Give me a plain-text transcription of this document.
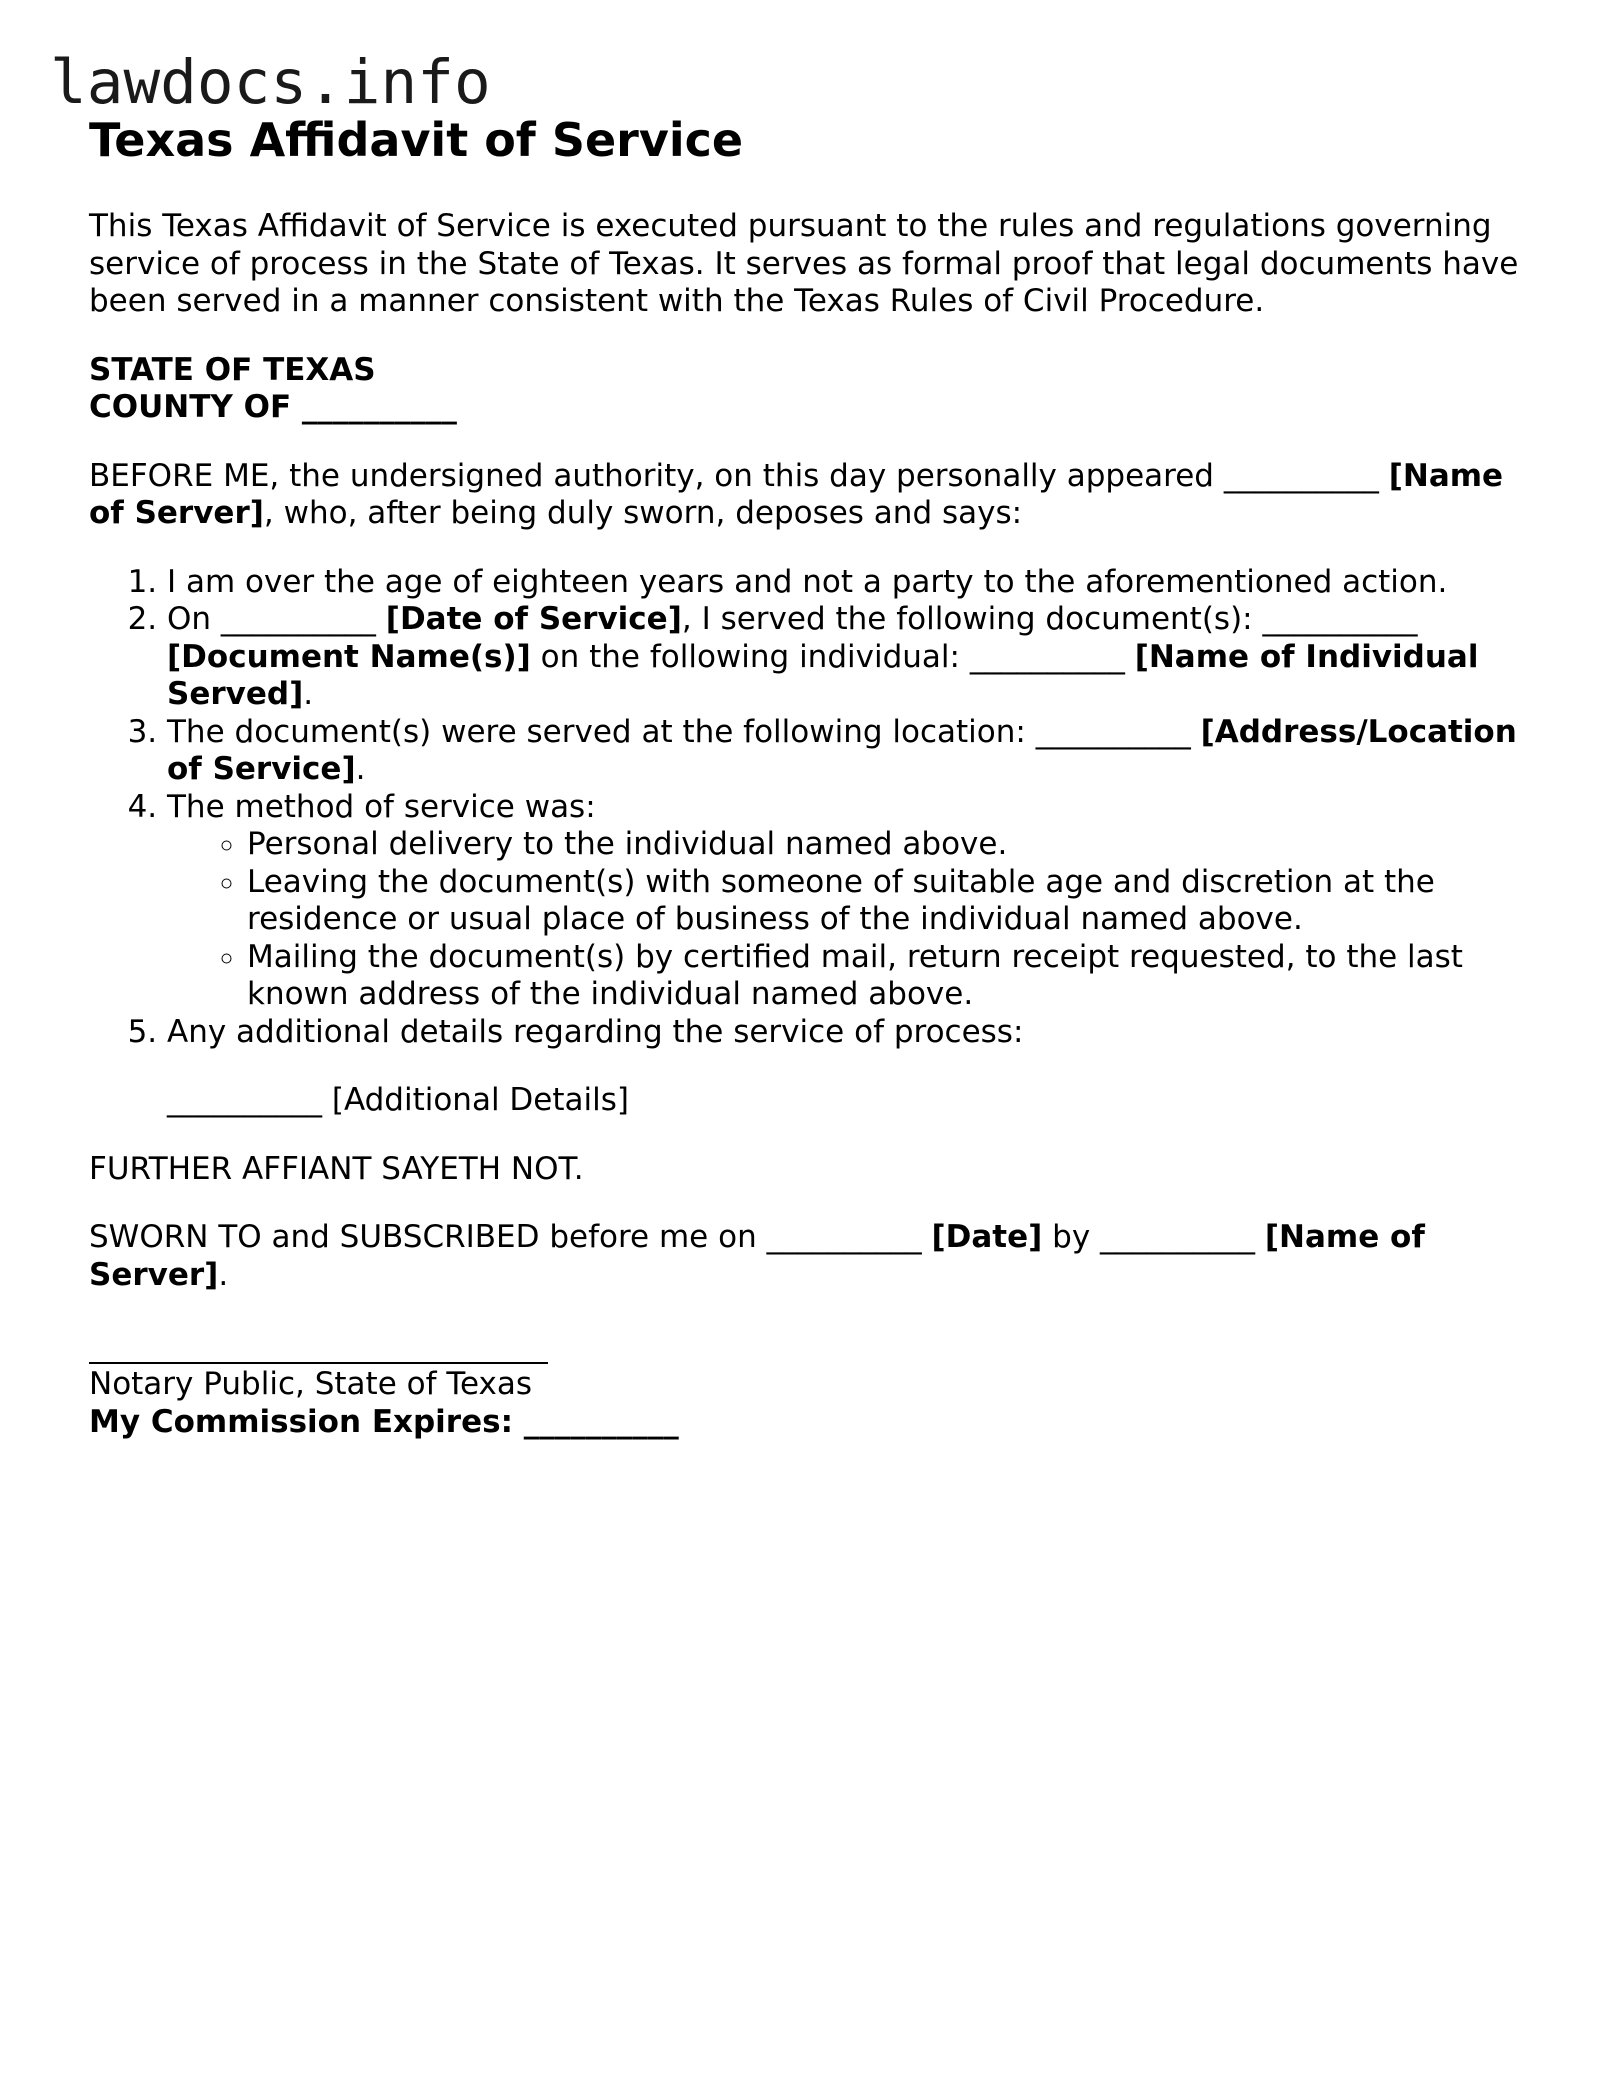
lawdocs.info
Texas Affidavit of Service

This Texas Affidavit of Service is executed pursuant to the rules and regulations governing service of process in the State of Texas. It serves as formal proof that legal documents have been served in a manner consistent with the Texas Rules of Civil Procedure.

STATE OF TEXAS
COUNTY OF __________

BEFORE ME, the undersigned authority, on this day personally appeared __________ [Name of Server], who, after being duly sworn, deposes and says:

1. I am over the age of eighteen years and not a party to the aforementioned action.
2. On __________ [Date of Service], I served the following document(s): __________ [Document Name(s)] on the following individual: __________ [Name of Individual Served].
3. The document(s) were served at the following location: __________ [Address/Location of Service].
4. The method of service was:
◦ Personal delivery to the individual named above.
◦ Leaving the document(s) with someone of suitable age and discretion at the residence or usual place of business of the individual named above.
◦ Mailing the document(s) by certified mail, return receipt requested, to the last known address of the individual named above.
5. Any additional details regarding the service of process:

__________ [Additional Details]

FURTHER AFFIANT SAYETH NOT.

SWORN TO and SUBSCRIBED before me on __________ [Date] by __________ [Name of Server].

Notary Public, State of Texas
My Commission Expires: __________
